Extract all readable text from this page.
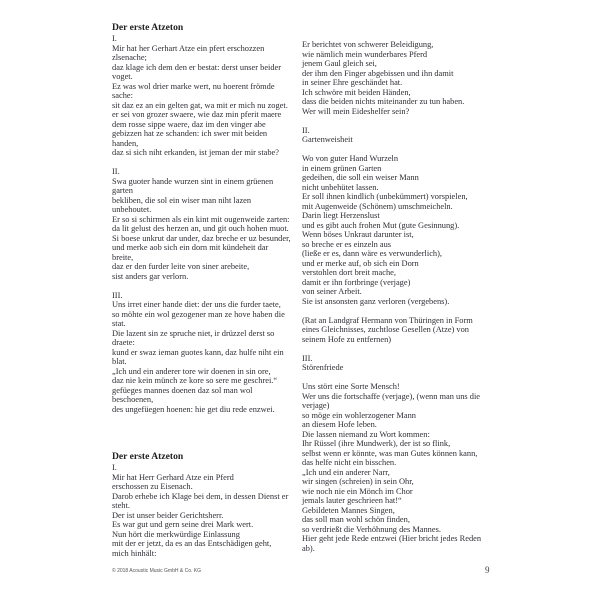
Der erste Atzeton
I.
Mir hat her Gerhart Atze ein pfert erschozzen
zlsenache;
daz klage ich dem den er bestat: derst unser beider
voget.
Ez was wol drier marke wert, nu hoerent frömde
sache:
sit daz ez an ein gelten gat, wa mit er mich nu zoget.
er sei von grozer swaere, wie daz min pferit maere
dem rosse sippe waere, daz im den vinger abe
gebizzen hat ze schanden: ich swer mit beiden
handen,
daz si sich niht erkanden, ist jeman der mir stabe?
II.
Swa guoter hande wurzen sint in einem grüenen
garten
bekliben, die sol ein wiser man niht lazen
unbehoutet.
Er so si schirmen als ein kint mit ougenweide zarten:
da lit gelust des herzen an, und git ouch hohen muot.
Si boese unkrut dar under, daz breche er uz besunder,
und merke aob sich ein dorn mit kündeheit dar
breite,
daz er den furder leite von siner arebeite,
sist anders gar verlorn.
III.
Uns irret einer hande diet: der uns die furder taete,
so möhte ein wol gezogener man ze hove haben die
stat.
Die lazent sin ze spruche niet, ir drüzzel derst so
draete:
kund er swaz ieman guotes kann, daz hulfe niht ein
blat.
„Ich und ein anderer tore wir doenen in sin ore,
daz nie kein münch ze kore so sere me geschrei.“
gefüeges mannes doenen daz sol man wol
beschoenen,
des ungefüegen hoenen: hie get diu rede enzwei.
Er berichtet von schwerer Beleidigung,
wie nämlich mein wunderbares Pferd
jenem Gaul gleich sei,
der ihm den Finger abgebissen und ihn damit
in seiner Ehre geschändet hat.
Ich schwöre mit beiden Händen,
dass die beiden nichts miteinander zu tun haben.
Wer will mein Eideshelfer sein?
II.
Gartenweisheit
Wo von guter Hand Wurzeln
in einem grünen Garten
gedeihen, die soll ein weiser Mann
nicht unbehütet lassen.
Er soll ihnen kindlich (unbekümmert) vorspielen,
mit Augenweide (Schönem) umschmeicheln.
Darin liegt Herzenslust
und es gibt auch frohen Mut (gute Gesinnung).
Wenn böses Unkraut darunter ist,
so breche er es einzeln aus
(ließe er es, dann wäre es verwunderlich),
und er merke auf, ob sich ein Dorn
verstohlen dort breit mache,
damit er ihn fortbringe (verjage)
von seiner Arbeit.
Sie ist ansonsten ganz verloren (vergebens).
(Rat an Landgraf Hermann von Thüringen in Form
eines Gleichnisses, zuchtlose Gesellen (Atze) von
seinem Hofe zu entfernen)
III.
Störenfriede
Uns stört eine Sorte Mensch!
Wer uns die fortschaffe (verjage), (wenn man uns die
verjage)
so möge ein wohlerzogener Mann
an diesem Hofe leben.
Die lassen niemand zu Wort kommen:
Ihr Rüssel (ihre Mundwerk), der ist so flink,
selbst wenn er könnte, was man Gutes können kann,
das helfe nicht ein bisschen.
„Ich und ein anderer Narr,
wir singen (schreien) in sein Ohr,
wie noch nie ein Mönch im Chor
jemals lauter geschrieen hat!“
Gebildeten Mannes Singen,
das soll man wohl schön finden,
so verdrießt die Verhöhnung des Mannes.
Hier geht jede Rede entzwei (Hier bricht jedes Reden
ab).
Der erste Atzeton
I.
Mir hat Herr Gerhard Atze ein Pferd
erschossen zu Eisenach.
Darob erhebe ich Klage bei dem, in dessen Dienst er
steht.
Der ist unser beider Gerichtsherr.
Es war gut und gern seine drei Mark wert.
Nun hört die merkwürdige Einlassung
mit der er jetzt, da es an das Entschädigen geht,
mich hinhält:
© 2018 Acoustic Music GmbH & Co. KG	9
